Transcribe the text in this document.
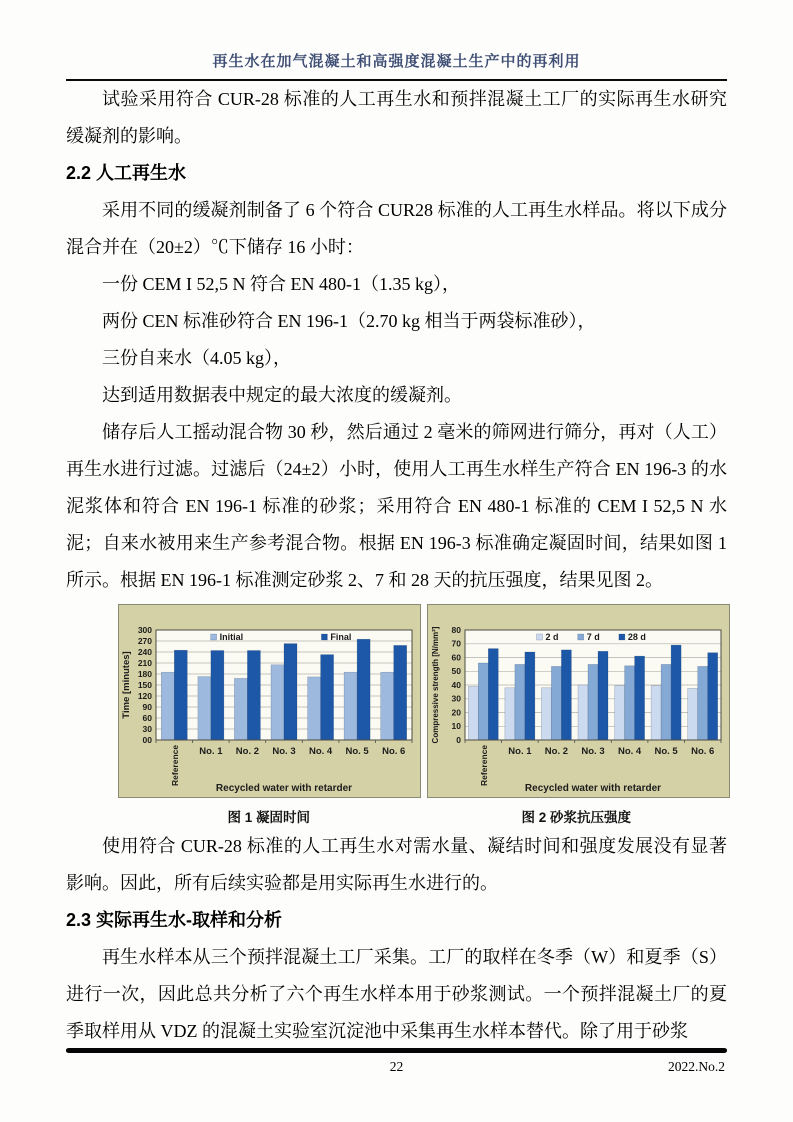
再生水在加气混凝土和高强度混凝土生产中的再利用

试验采用符合 CUR-28 标准的人工再生水和预拌混凝土工厂的实际再生水研究缓凝剂的影响。

2.2 人工再生水

采用不同的缓凝剂制备了 6 个符合 CUR28 标准的人工再生水样品。将以下成分混合并在（20±2）℃下储存 16 小时：

一份 CEM I 52,5 N 符合 EN 480-1（1.35 kg），

两份 CEN 标准砂符合 EN 196-1（2.70 kg 相当于两袋标准砂），

三份自来水（4.05 kg），

达到适用数据表中规定的最大浓度的缓凝剂。

储存后人工摇动混合物 30 秒，然后通过 2 毫米的筛网进行筛分，再对（人工）再生水进行过滤。过滤后（24±2）小时，使用人工再生水样生产符合 EN 196-3 的水泥浆体和符合 EN 196-1 标准的砂浆；采用符合 EN 480-1 标准的 CEM I 52,5 N 水泥；自来水被用来生产参考混合物。根据 EN 196-3 标准确定凝固时间，结果如图 1 所示。根据 EN 196-1 标准测定砂浆 2、7 和 28 天的抗压强度，结果见图 2。

00
30
60
90
120
150
180
210
240
270
300
Reference No. 1 No. 2 No. 3 No. 4 No. 5 No. 6
Initial	Final
Recycled water with retarder
Time [minutes]
0
10
20
30
40
50
60
70
80
Reference No. 1 No. 2 No. 3 No. 4 No. 5 No. 6
2 d	7 d	28 d
Recycled water with retarder
Compressive strength [N/mm²]
图 1 凝固时间	图 2 砂浆抗压强度

使用符合 CUR-28 标准的人工再生水对需水量、凝结时间和强度发展没有显著影响。因此，所有后续实验都是用实际再生水进行的。

2.3 实际再生水-取样和分析

再生水样本从三个预拌混凝土工厂采集。工厂的取样在冬季（W）和夏季（S）进行一次，因此总共分析了六个再生水样本用于砂浆测试。一个预拌混凝土厂的夏季取样用从 VDZ 的混凝土实验室沉淀池中采集再生水样本替代。除了用于砂浆

22	2022.No.2
